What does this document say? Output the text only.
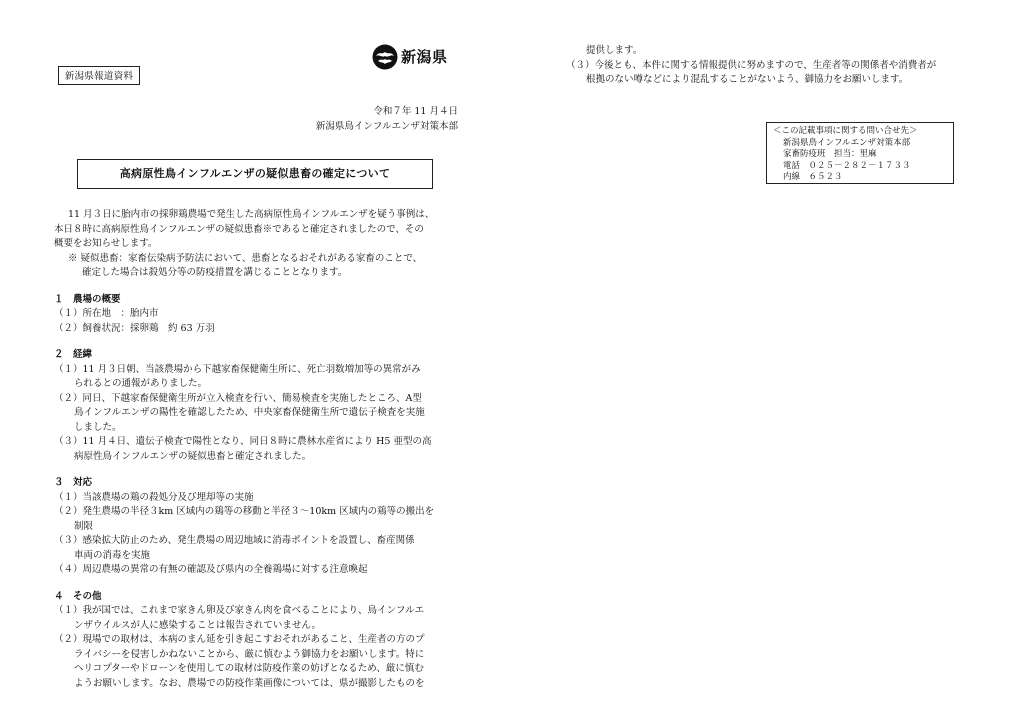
新潟県報道資料
新潟県
令和７年 11 月４日
新潟県鳥インフルエンザ対策本部
高病原性鳥インフルエンザの疑似患畜の確定について
11 月３日に胎内市の採卵鶏農場で発生した高病原性鳥インフルエンザを疑う事例は、
本日８時に高病原性鳥インフルエンザの疑似患畜※であると確定されましたので、その
概要をお知らせします。
※ 疑似患畜：家畜伝染病予防法において、患畜となるおそれがある家畜のことで、
確定した場合は殺処分等の防疫措置を講じることとなります。
１　農場の概要
（１）所在地　：胎内市
（２）飼養状況：採卵鶏　約 63 万羽
２　経緯
（１）11 月３日朝、当該農場から下越家畜保健衛生所に、死亡羽数増加等の異常がみ
られるとの通報がありました。
（２）同日、下越家畜保健衛生所が立入検査を行い、簡易検査を実施したところ、A型
鳥インフルエンザの陽性を確認したため、中央家畜保健衛生所で遺伝子検査を実施
しました。
（３）11 月４日、遺伝子検査で陽性となり、同日８時に農林水産省により H5 亜型の高
病原性鳥インフルエンザの疑似患畜と確定されました。
３　対応
（１）当該農場の鶏の殺処分及び埋却等の実施
（２）発生農場の半径３km 区域内の鶏等の移動と半径３～10km 区域内の鶏等の搬出を
制限
（３）感染拡大防止のため、発生農場の周辺地域に消毒ポイントを設置し、畜産関係
車両の消毒を実施
（４）周辺農場の異常の有無の確認及び県内の全養鶏場に対する注意喚起
４　その他
（１）我が国では、これまで家きん卵及び家きん肉を食べることにより、鳥インフルエ
ンザウイルスが人に感染することは報告されていません。
（２）現場での取材は、本病のまん延を引き起こすおそれがあること、生産者の方のプ
ライバシーを侵害しかねないことから、厳に慎むよう御協力をお願いします。特に
ヘリコプターやドローンを使用しての取材は防疫作業の妨げとなるため、厳に慎む
ようお願いします。なお、農場での防疫作業画像については、県が撮影したものを
提供します。
（３）今後とも、本件に関する情報提供に努めますので、生産者等の関係者や消費者が
根拠のない噂などにより混乱することがないよう、御協力をお願いします。
＜この記載事項に関する問い合せ先＞
新潟県鳥インフルエンザ対策本部
家畜防疫班　担当：里麻
電話　０２５－２８２－１７３３
内線　６５２３
